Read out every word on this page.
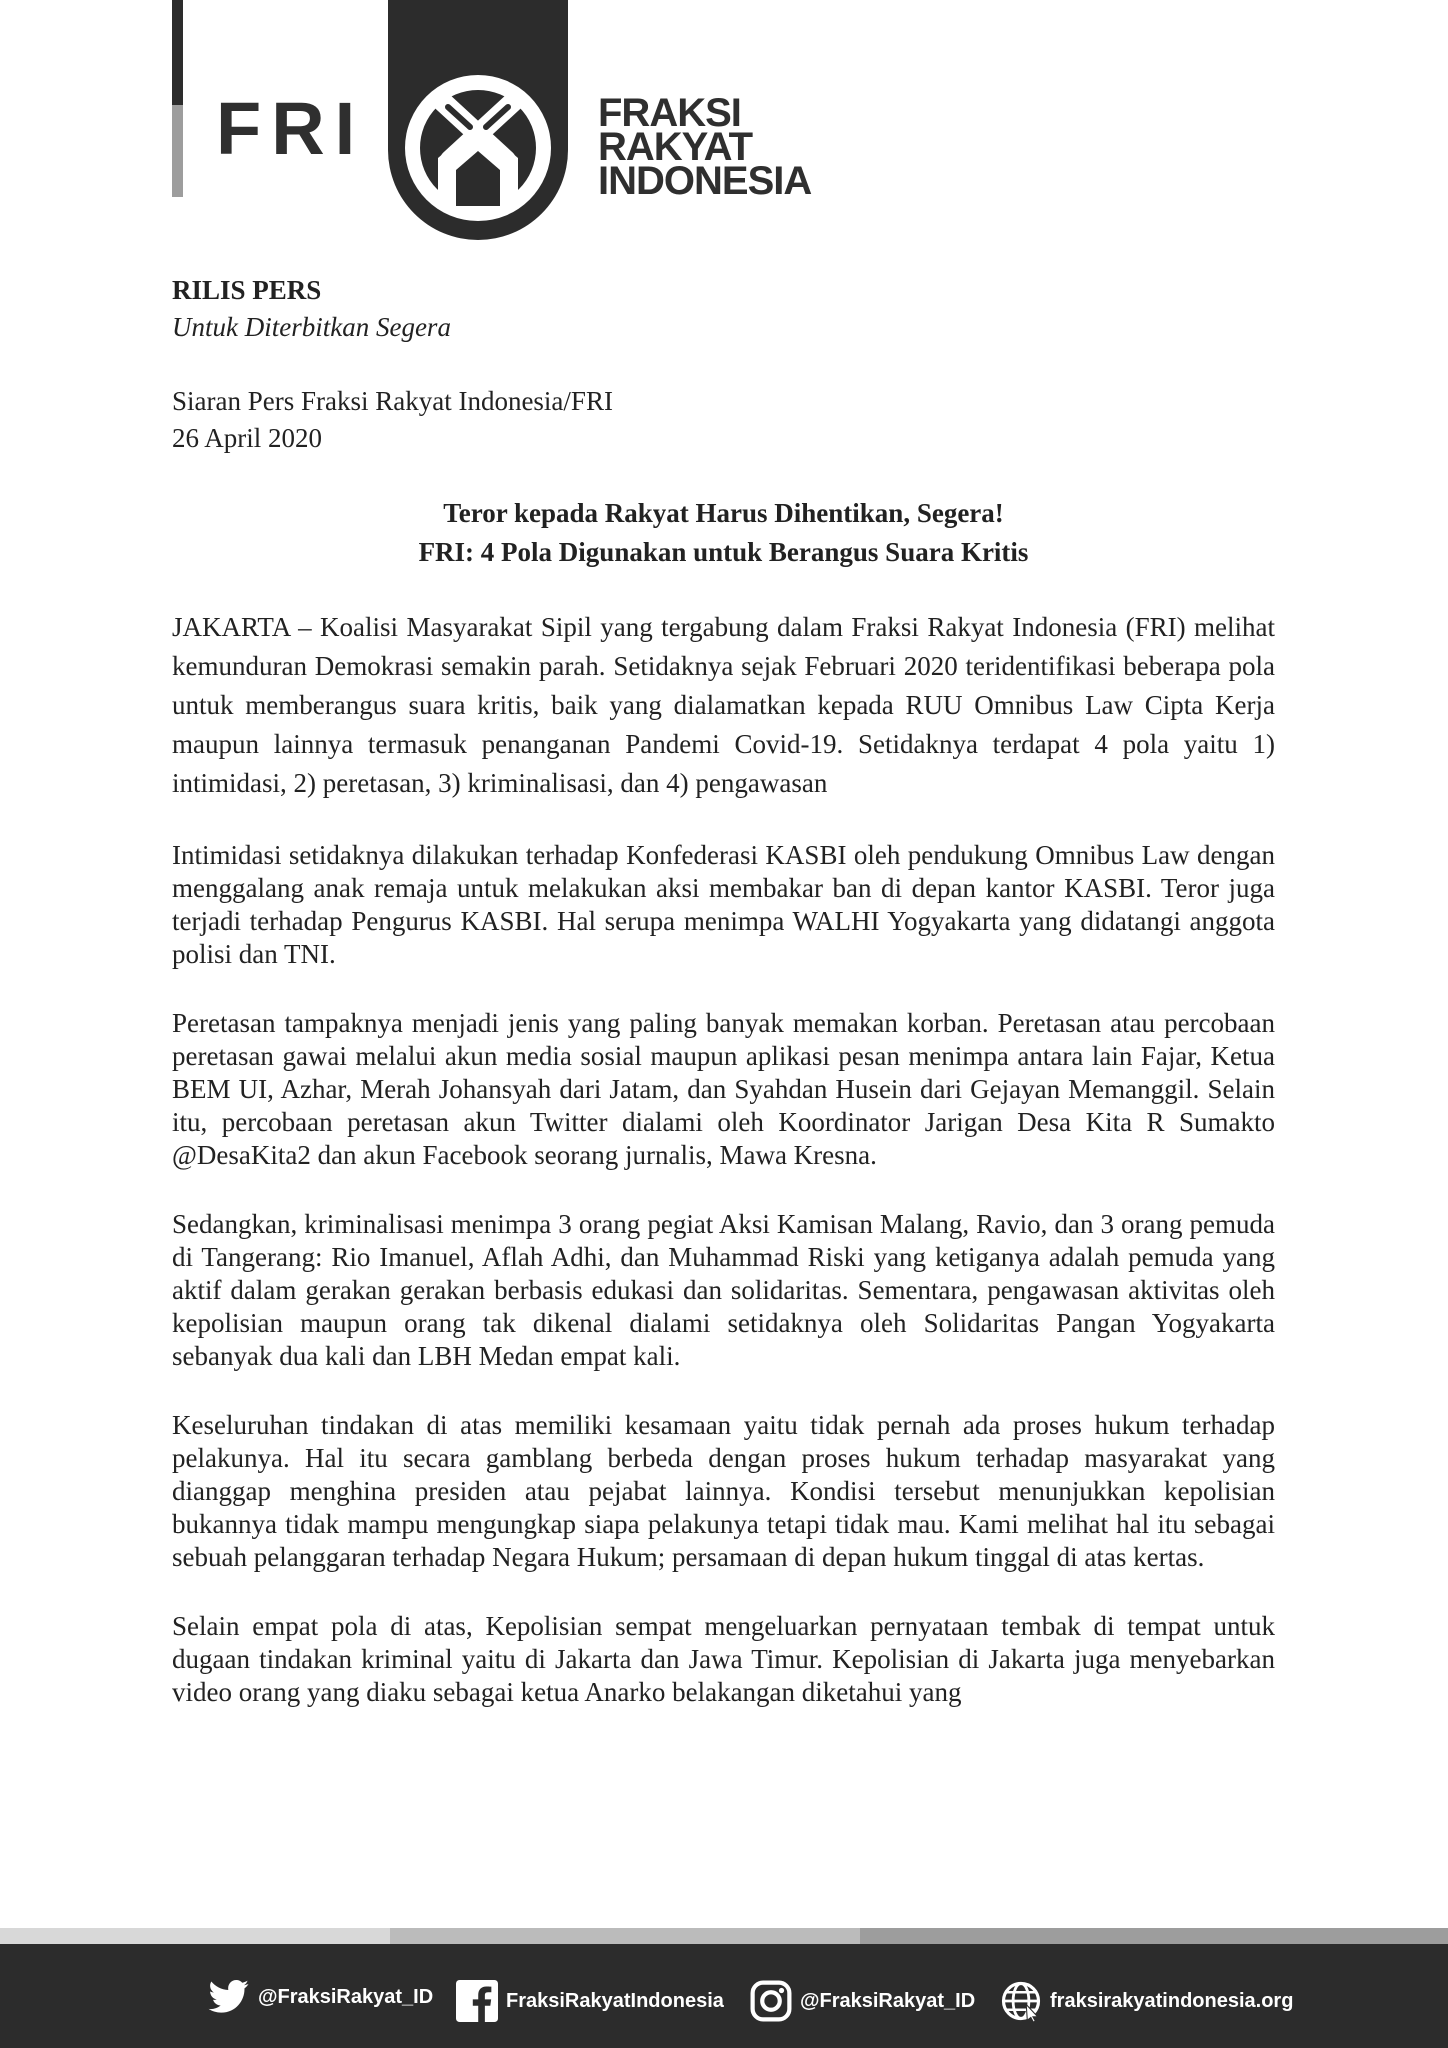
FRI	FRAKSI
RAKYAT
INDONESIA
RILIS PERS
Untuk Diterbitkan Segera
Siaran Pers Fraksi Rakyat Indonesia/FRI
26 April 2020
Teror kepada Rakyat Harus Dihentikan, Segera!
FRI: 4 Pola Digunakan untuk Berangus Suara Kritis

JAKARTA – Koalisi Masyarakat Sipil yang tergabung dalam Fraksi Rakyat Indonesia (FRI) melihat kemunduran Demokrasi semakin parah. Setidaknya sejak Februari 2020 teridentifikasi beberapa pola untuk memberangus suara kritis, baik yang dialamatkan kepada RUU Omnibus Law Cipta Kerja maupun lainnya termasuk penanganan Pandemi Covid-19. Setidaknya terdapat 4 pola yaitu 1) intimidasi, 2) peretasan, 3) kriminalisasi, dan 4) pengawasan

Intimidasi setidaknya dilakukan terhadap Konfederasi KASBI oleh pendukung Omnibus Law dengan menggalang anak remaja untuk melakukan aksi membakar ban di depan kantor KASBI. Teror juga terjadi terhadap Pengurus KASBI. Hal serupa menimpa WALHI Yogyakarta yang didatangi anggota polisi dan TNI.

Peretasan tampaknya menjadi jenis yang paling banyak memakan korban. Peretasan atau percobaan peretasan gawai melalui akun media sosial maupun aplikasi pesan menimpa antara lain Fajar, Ketua BEM UI, Azhar, Merah Johansyah dari Jatam, dan Syahdan Husein dari Gejayan Memanggil. Selain itu, percobaan peretasan akun Twitter dialami oleh Koordinator Jarigan Desa Kita R Sumakto @DesaKita2 dan akun Facebook seorang jurnalis, Mawa Kresna.

Sedangkan, kriminalisasi menimpa 3 orang pegiat Aksi Kamisan Malang, Ravio, dan 3 orang pemuda di Tangerang: Rio Imanuel, Aflah Adhi, dan Muhammad Riski yang ketiganya adalah pemuda yang aktif dalam gerakan gerakan berbasis edukasi dan solidaritas. Sementara, pengawasan aktivitas oleh kepolisian maupun orang tak dikenal dialami setidaknya oleh Solidaritas Pangan Yogyakarta sebanyak dua kali dan LBH Medan empat kali.

Keseluruhan tindakan di atas memiliki kesamaan yaitu tidak pernah ada proses hukum terhadap pelakunya. Hal itu secara gamblang berbeda dengan proses hukum terhadap masyarakat yang dianggap menghina presiden atau pejabat lainnya. Kondisi tersebut menunjukkan kepolisian bukannya tidak mampu mengungkap siapa pelakunya tetapi tidak mau. Kami melihat hal itu sebagai sebuah pelanggaran terhadap Negara Hukum; persamaan di depan hukum tinggal di atas kertas.

Selain empat pola di atas, Kepolisian sempat mengeluarkan pernyataan tembak di tempat untuk dugaan tindakan kriminal yaitu di Jakarta dan Jawa Timur. Kepolisian di Jakarta juga menyebarkan video orang yang diaku sebagai ketua Anarko belakangan diketahui yang

@FraksiRakyat_ID	FraksiRakyatIndonesia	@FraksiRakyat_ID	fraksirakyatindonesia.org
